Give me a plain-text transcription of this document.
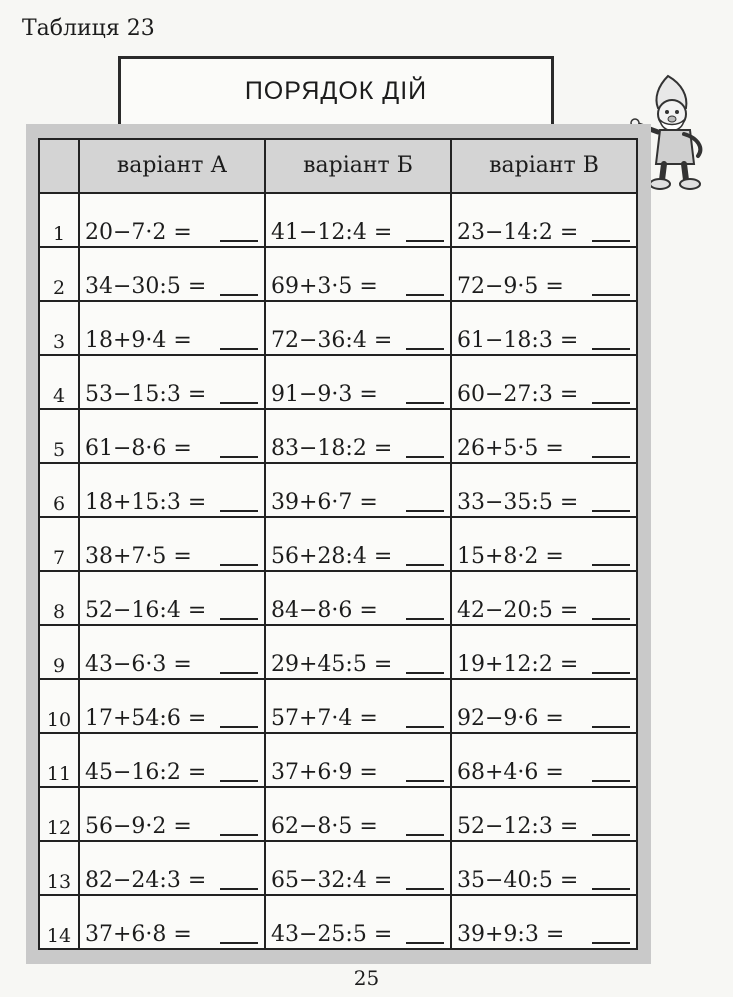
Таблиця 23
ПОРЯДОК ДІЙ
варіант А	варіант Б	варіант В
1 20−7·2 =	41−12:4 =	23−14:2 =
2 34−30:5 =	69+3·5 =	72−9·5 =
3 18+9·4 =	72−36:4 =	61−18:3 =
4 53−15:3 =	91−9·3 =	60−27:3 =
5 61−8·6 =	83−18:2 =	26+5·5 =
6 18+15:3 =	39+6·7 =	33−35:5 =
7 38+7·5 =	56+28:4 =	15+8·2 =
8 52−16:4 =	84−8·6 =	42−20:5 =
9 43−6·3 =	29+45:5 =	19+12:2 =
10 17+54:6 =	57+7·4 =	92−9·6 =
11 45−16:2 =	37+6·9 =	68+4·6 =
12 56−9·2 =	62−8·5 =	52−12:3 =
13 82−24:3 =	65−32:4 =	35−40:5 =
14 37+6·8 =	43−25:5 =	39+9:3 =
25
